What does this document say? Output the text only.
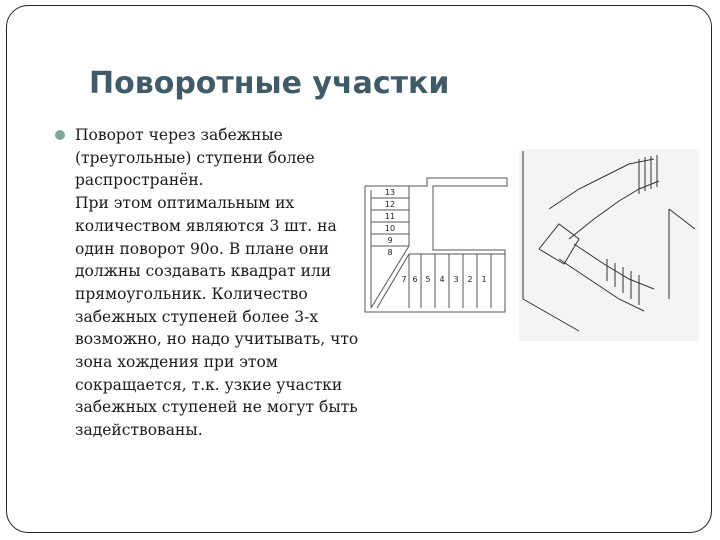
Поворотные участки

Поворот через забежные

(треугольные) ступени более

распространён.

При этом оптимальным их

количеством являются 3 шт. на

один поворот 90о. В плане они

должны создавать квадрат или

прямоугольник. Количество

забежных ступеней более 3-х

возможно, но надо учитывать, что

зона хождения при этом

сокращается, т.к. узкие участки

забежных ступеней не могут быть

задействованы.

13
12
11
10
9
8
7 6 5 4 3 2 1
